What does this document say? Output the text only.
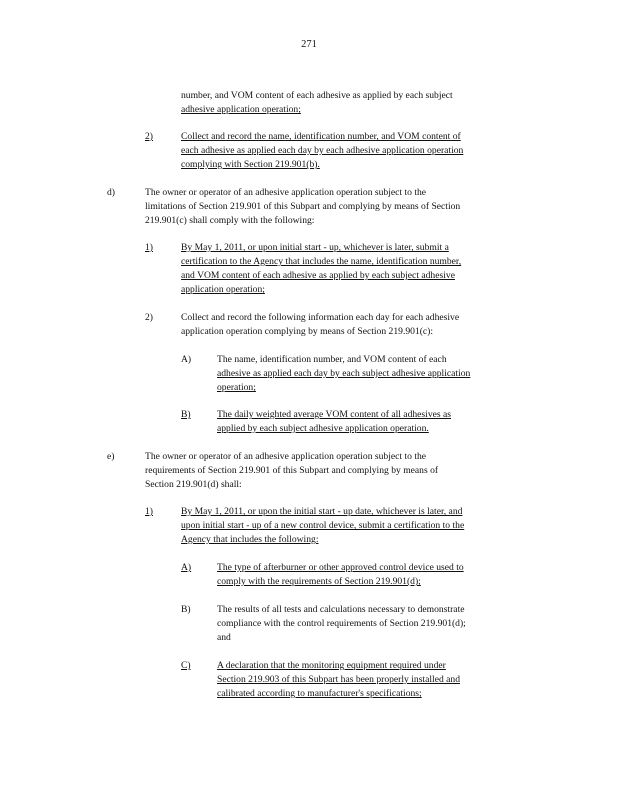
271
number, and VOM content of each adhesive as applied by each subject
adhesive application operation;
2)	Collect and record the name, identification number, and VOM content of
each adhesive as applied each day by each adhesive application operation
complying with Section 219.901(b).
d)	The owner or operator of an adhesive application operation subject to the
limitations of Section 219.901 of this Subpart and complying by means of Section
219.901(c) shall comply with the following:
1)	By May 1, 2011, or upon initial start - up, whichever is later, submit a
certification to the Agency that includes the name, identification number,
and VOM content of each adhesive as applied by each subject adhesive
application operation;
2)	Collect and record the following information each day for each adhesive
application operation complying by means of Section 219.901(c):
A)	The name, identification number, and VOM content of each
adhesive as applied each day by each subject adhesive application
operation;
B)	The daily weighted average VOM content of all adhesives as
applied by each subject adhesive application operation.
e)	The owner or operator of an adhesive application operation subject to the
requirements of Section 219.901 of this Subpart and complying by means of
Section 219.901(d) shall:
1)	By May 1, 2011, or upon the initial start - up date, whichever is later, and
upon initial start - up of a new control device, submit a certification to the
Agency that includes the following:
A)	The type of afterburner or other approved control device used to
comply with the requirements of Section 219.901(d);
B)	The results of all tests and calculations necessary to demonstrate
compliance with the control requirements of Section 219.901(d);
and
C)	A declaration that the monitoring equipment required under
Section 219.903 of this Subpart has been properly installed and
calibrated according to manufacturer's specifications;
